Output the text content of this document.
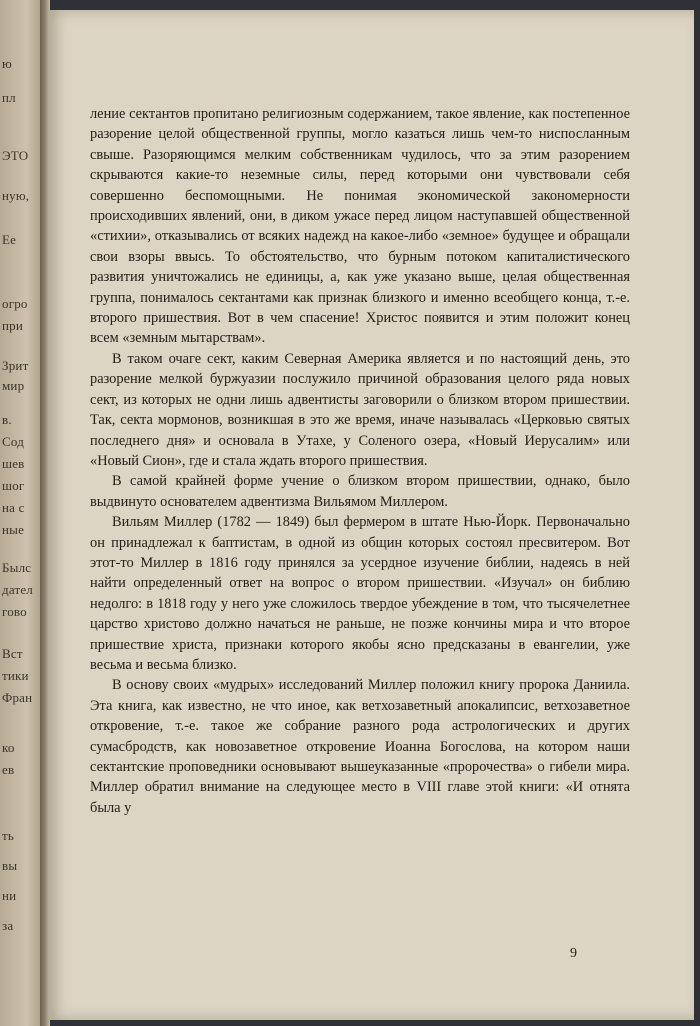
ю
пл
ЭТО
ную,
Ее
огро
при
Зрит
мир
в.
Сод
шев
шог
на с
ные
Былс
дател
гово
Вст
тики
Фран
ко
ев
ть
вы
ни
за

ление сектантов пропитано религиозным содержанием, такое явление, как постепенное разорение целой общественной группы, могло казаться лишь чем-то ниспосланным свыше. Разоряющимся мелким собственникам чудилось, что за этим разорением скрываются какие-то неземные силы, перед которыми они чувствовали себя совершенно беспомощными. Не понимая экономической закономерности происходивших явлений, они, в диком ужасе перед лицом наступавшей общественной «стихии», отказывались от всяких надежд на какое-либо «земное» будущее и обращали свои взоры ввысь. То обстоятельство, что бурным потоком капиталистического развития уничтожались не единицы, а, как уже указано выше, целая общественная группа, понималось сектантами как признак близкого и именно всеобщего конца, т.-е. второго пришествия. Вот в чем спасение! Христос появится и этим положит конец всем «земным мытарствам».

В таком очаге сект, каким Северная Америка является и по настоящий день, это разорение мелкой буржуазии послужило причиной образования целого ряда новых сект, из которых не одни лишь адвентисты заговорили о близком втором пришествии. Так, секта мормонов, возникшая в это же время, иначе называлась «Церковью святых последнего дня» и основала в Утахе, у Соленого озера, «Новый Иерусалим» или «Новый Сион», где и стала ждать второго пришествия.

В самой крайней форме учение о близком втором пришествии, однако, было выдвинуто основателем адвентизма Вильямом Миллером.

Вильям Миллер (1782 — 1849) был фермером в штате Нью-Йорк. Первоначально он принадлежал к баптистам, в одной из общин которых состоял пресвитером. Вот этот-то Миллер в 1816 году принялся за усердное изучение библии, надеясь в ней найти определенный ответ на вопрос о втором пришествии. «Изучал» он библию недолго: в 1818 году у него уже сложилось твердое убеждение в том, что тысячелетнее царство христово должно начаться не раньше, не позже кончины мира и что второе пришествие христа, признаки которого якобы ясно предсказаны в евангелии, уже весьма и весьма близко.

В основу своих «мудрых» исследований Миллер положил книгу пророка Даниила. Эта книга, как известно, не что иное, как ветхозаветный апокалипсис, ветхозаветное откровение, т.-е. такое же собрание разного рода астрологических и других сумасбродств, как новозаветное откровение Иоанна Богослова, на котором наши сектантские проповедники основывают вышеуказанные «пророчества» о гибели мира. Миллер обратил внимание на следующее место в VIII главе этой книги: «И отнята была у

9
